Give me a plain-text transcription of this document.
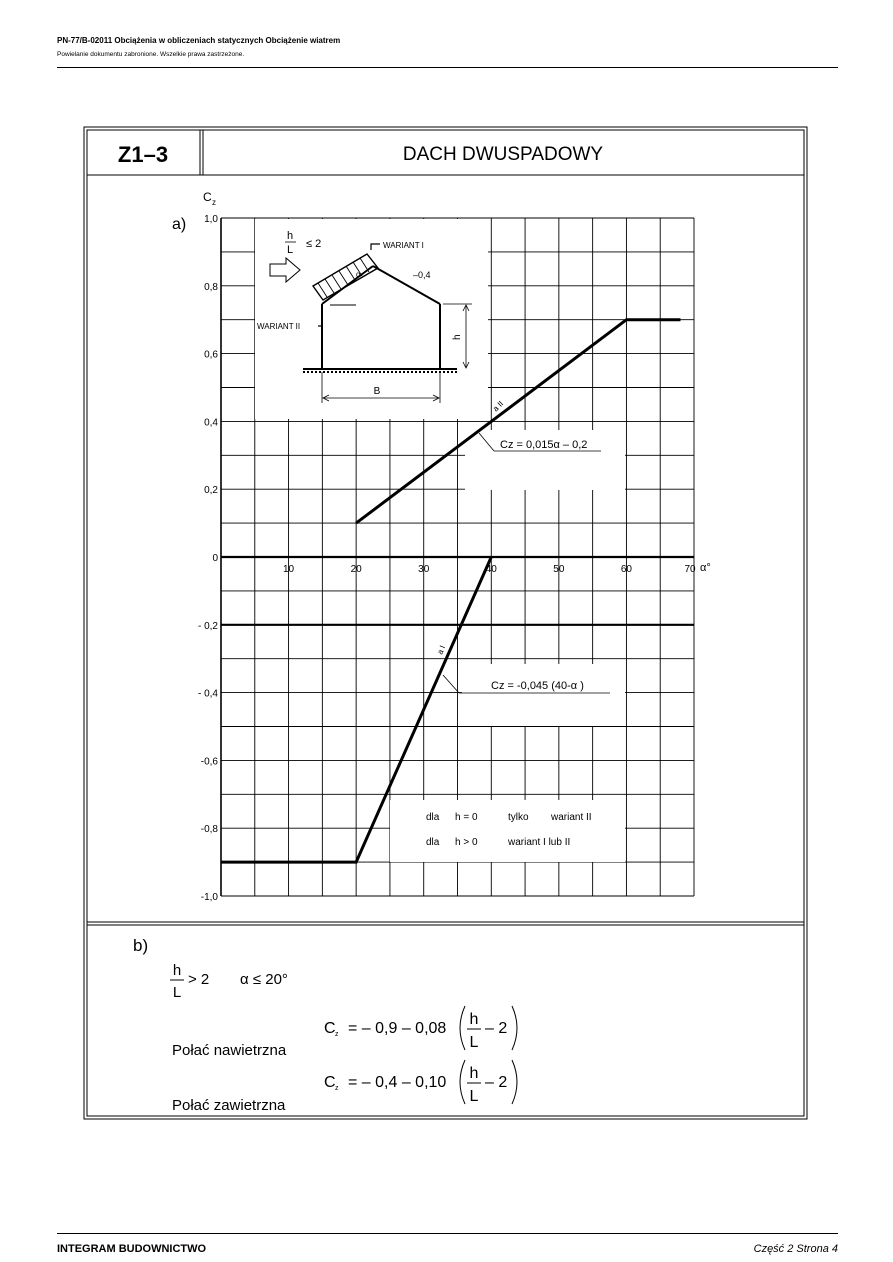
PN-77/B-02011 Obciążenia w obliczeniach statycznych Obciążenie wiatrem
Powielanie dokumentu zabronione. Wszelkie prawa zastrzeżone.
Z1–3	DACH DWUSPADOWY
1,0
0,8
0,6
0,4
0,2
0
- 0,2
- 0,4
-0,6
-0,8
-1,0
10	20	30	40	50	60	70
C z
α°
a)
h
L ≤ 2	WARIANT I
–0,4
α
WARIANT II
h
B
a II
Cz = 0,015α – 0,2
a I
Cz = -0,045 (40-α )
dla h = 0	tylko wariant II
dla h > 0	wariant I lub II
b)
h
L
> 2 α ≤ 20°
C z = – 0,9 – 0,08
h
L
– 2
Połać nawietrzna
C z = – 0,4 – 0,10
h
L
– 2
Połać zawietrzna
INTEGRAM BUDOWNICTWO	Część 2 Strona 4
